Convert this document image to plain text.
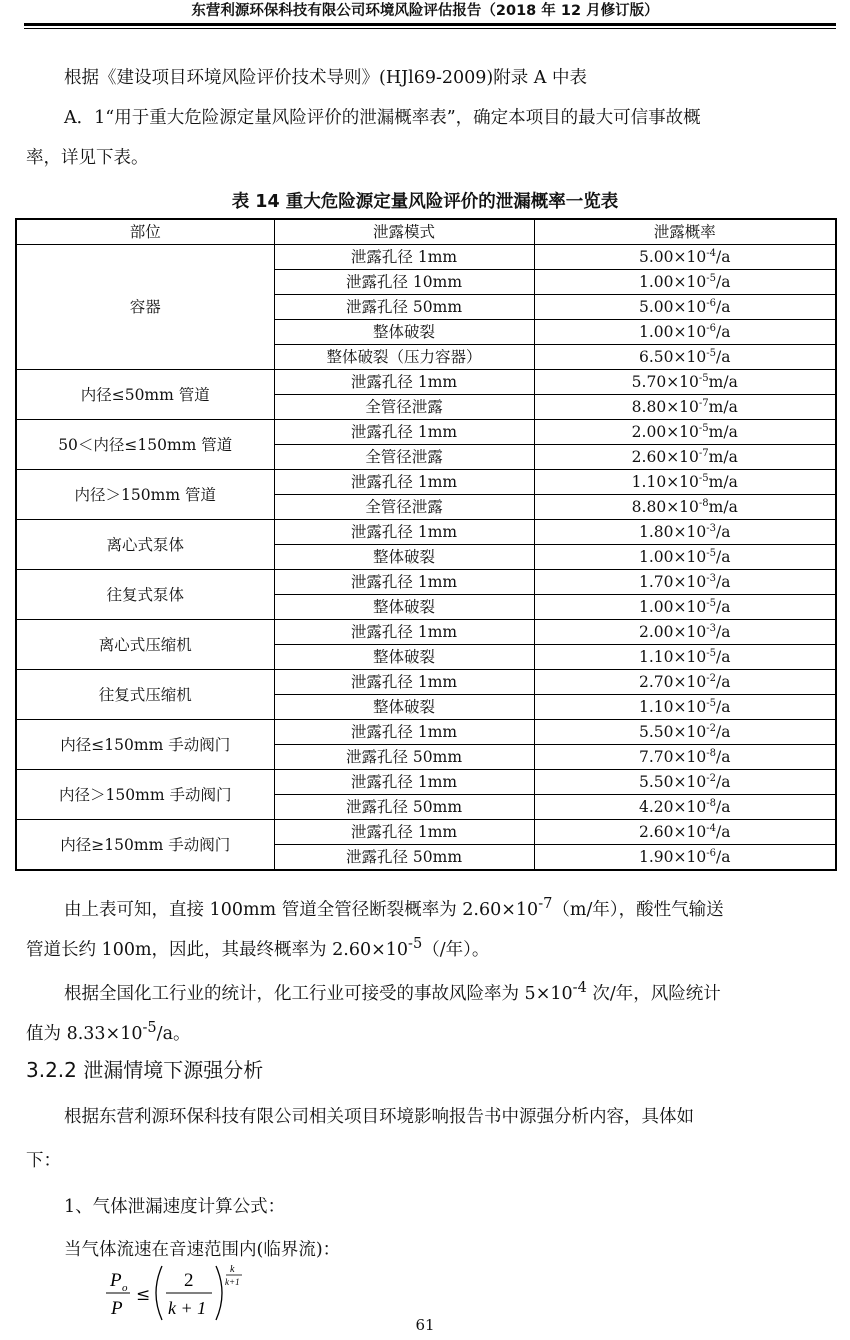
东营利源环保科技有限公司环境风险评估报告（2018 年 12 月修订版）
根据《建设项目环境风险评价技术导则》(HJl69-2009)附录 A 中表
A．1“用于重大危险源定量风险评价的泄漏概率表”，确定本项目的最大可信事故概
率，详见下表。
表 14 重大危险源定量风险评价的泄漏概率一览表
部位	泄露模式	泄露概率
容器	泄露孔径 1mm	$5.00\times 10^{-4}/a$
	泄露孔径 10mm	$1.00\times 10^{-5}/a$
	泄露孔径 50mm	$5.00\times 10^{-6}/a$
	整体破裂	$1.00\times 10^{-6}/a$
	整体破裂（压力容器）	$6.50\times 10^{-5}/a$
内径≤50mm 管道	泄露孔径 1mm	$5.70\times 10^{-5}m/a$
	全管径泄露	$8.80\times 10^{-7}m/a$
50＜内径≤150mm 管道	泄露孔径 1mm	$2.00\times 10^{-5}m/a$
	全管径泄露	$2.60\times 10^{-7}m/a$
内径＞150mm 管道	泄露孔径 1mm	$1.10\times 10^{-5}m/a$
	全管径泄露	$8.80\times 10^{-8}m/a$
离心式泵体	泄露孔径 1mm	$1.80\times 10^{-3}/a$
	整体破裂	$1.00\times 10^{-5}/a$
往复式泵体	泄露孔径 1mm	$1.70\times 10^{-3}/a$
	整体破裂	$1.00\times 10^{-5}/a$
离心式压缩机	泄露孔径 1mm	$2.00\times 10^{-3}/a$
	整体破裂	$1.10\times 10^{-5}/a$
往复式压缩机	泄露孔径 1mm	$2.70\times 10^{-2}/a$
	整体破裂	$1.10\times 10^{-5}/a$
内径≤150mm 手动阀门	泄露孔径 1mm	$5.50\times 10^{-2}/a$
	泄露孔径 50mm	$7.70\times 10^{-8}/a$
内径＞150mm 手动阀门	泄露孔径 1mm	$5.50\times 10^{-2}/a$
	泄露孔径 50mm	$4.20\times 10^{-8}/a$
内径≥150mm 手动阀门	泄露孔径 1mm	$2.60\times 10^{-4}/a$
	泄露孔径 50mm	$1.90\times 10^{-6}/a$
由上表可知，直接 100mm 管道全管径断裂概率为 $2.60\times 10^{-7}(m/$年），酸性气输送
管道长约 100m，因此，其最终概率为 $2.60\times 10^{-5}(/$年）。
根据全国化工行业的统计，化工行业可接受的事故风险率为 $5\times 10^{-4}$ 次/年，风险统计
值为 $8.33\times 10^{-5}/a$。
3.2.2 泄漏情境下源强分析
根据东营利源环保科技有限公司相关项目环境影响报告书中源强分析内容，具体如
下：
1、气体泄漏速度计算公式：
当气体流速在音速范围内(临界流)：
P o
P
≤
2
k + 1
k
k+1
61
